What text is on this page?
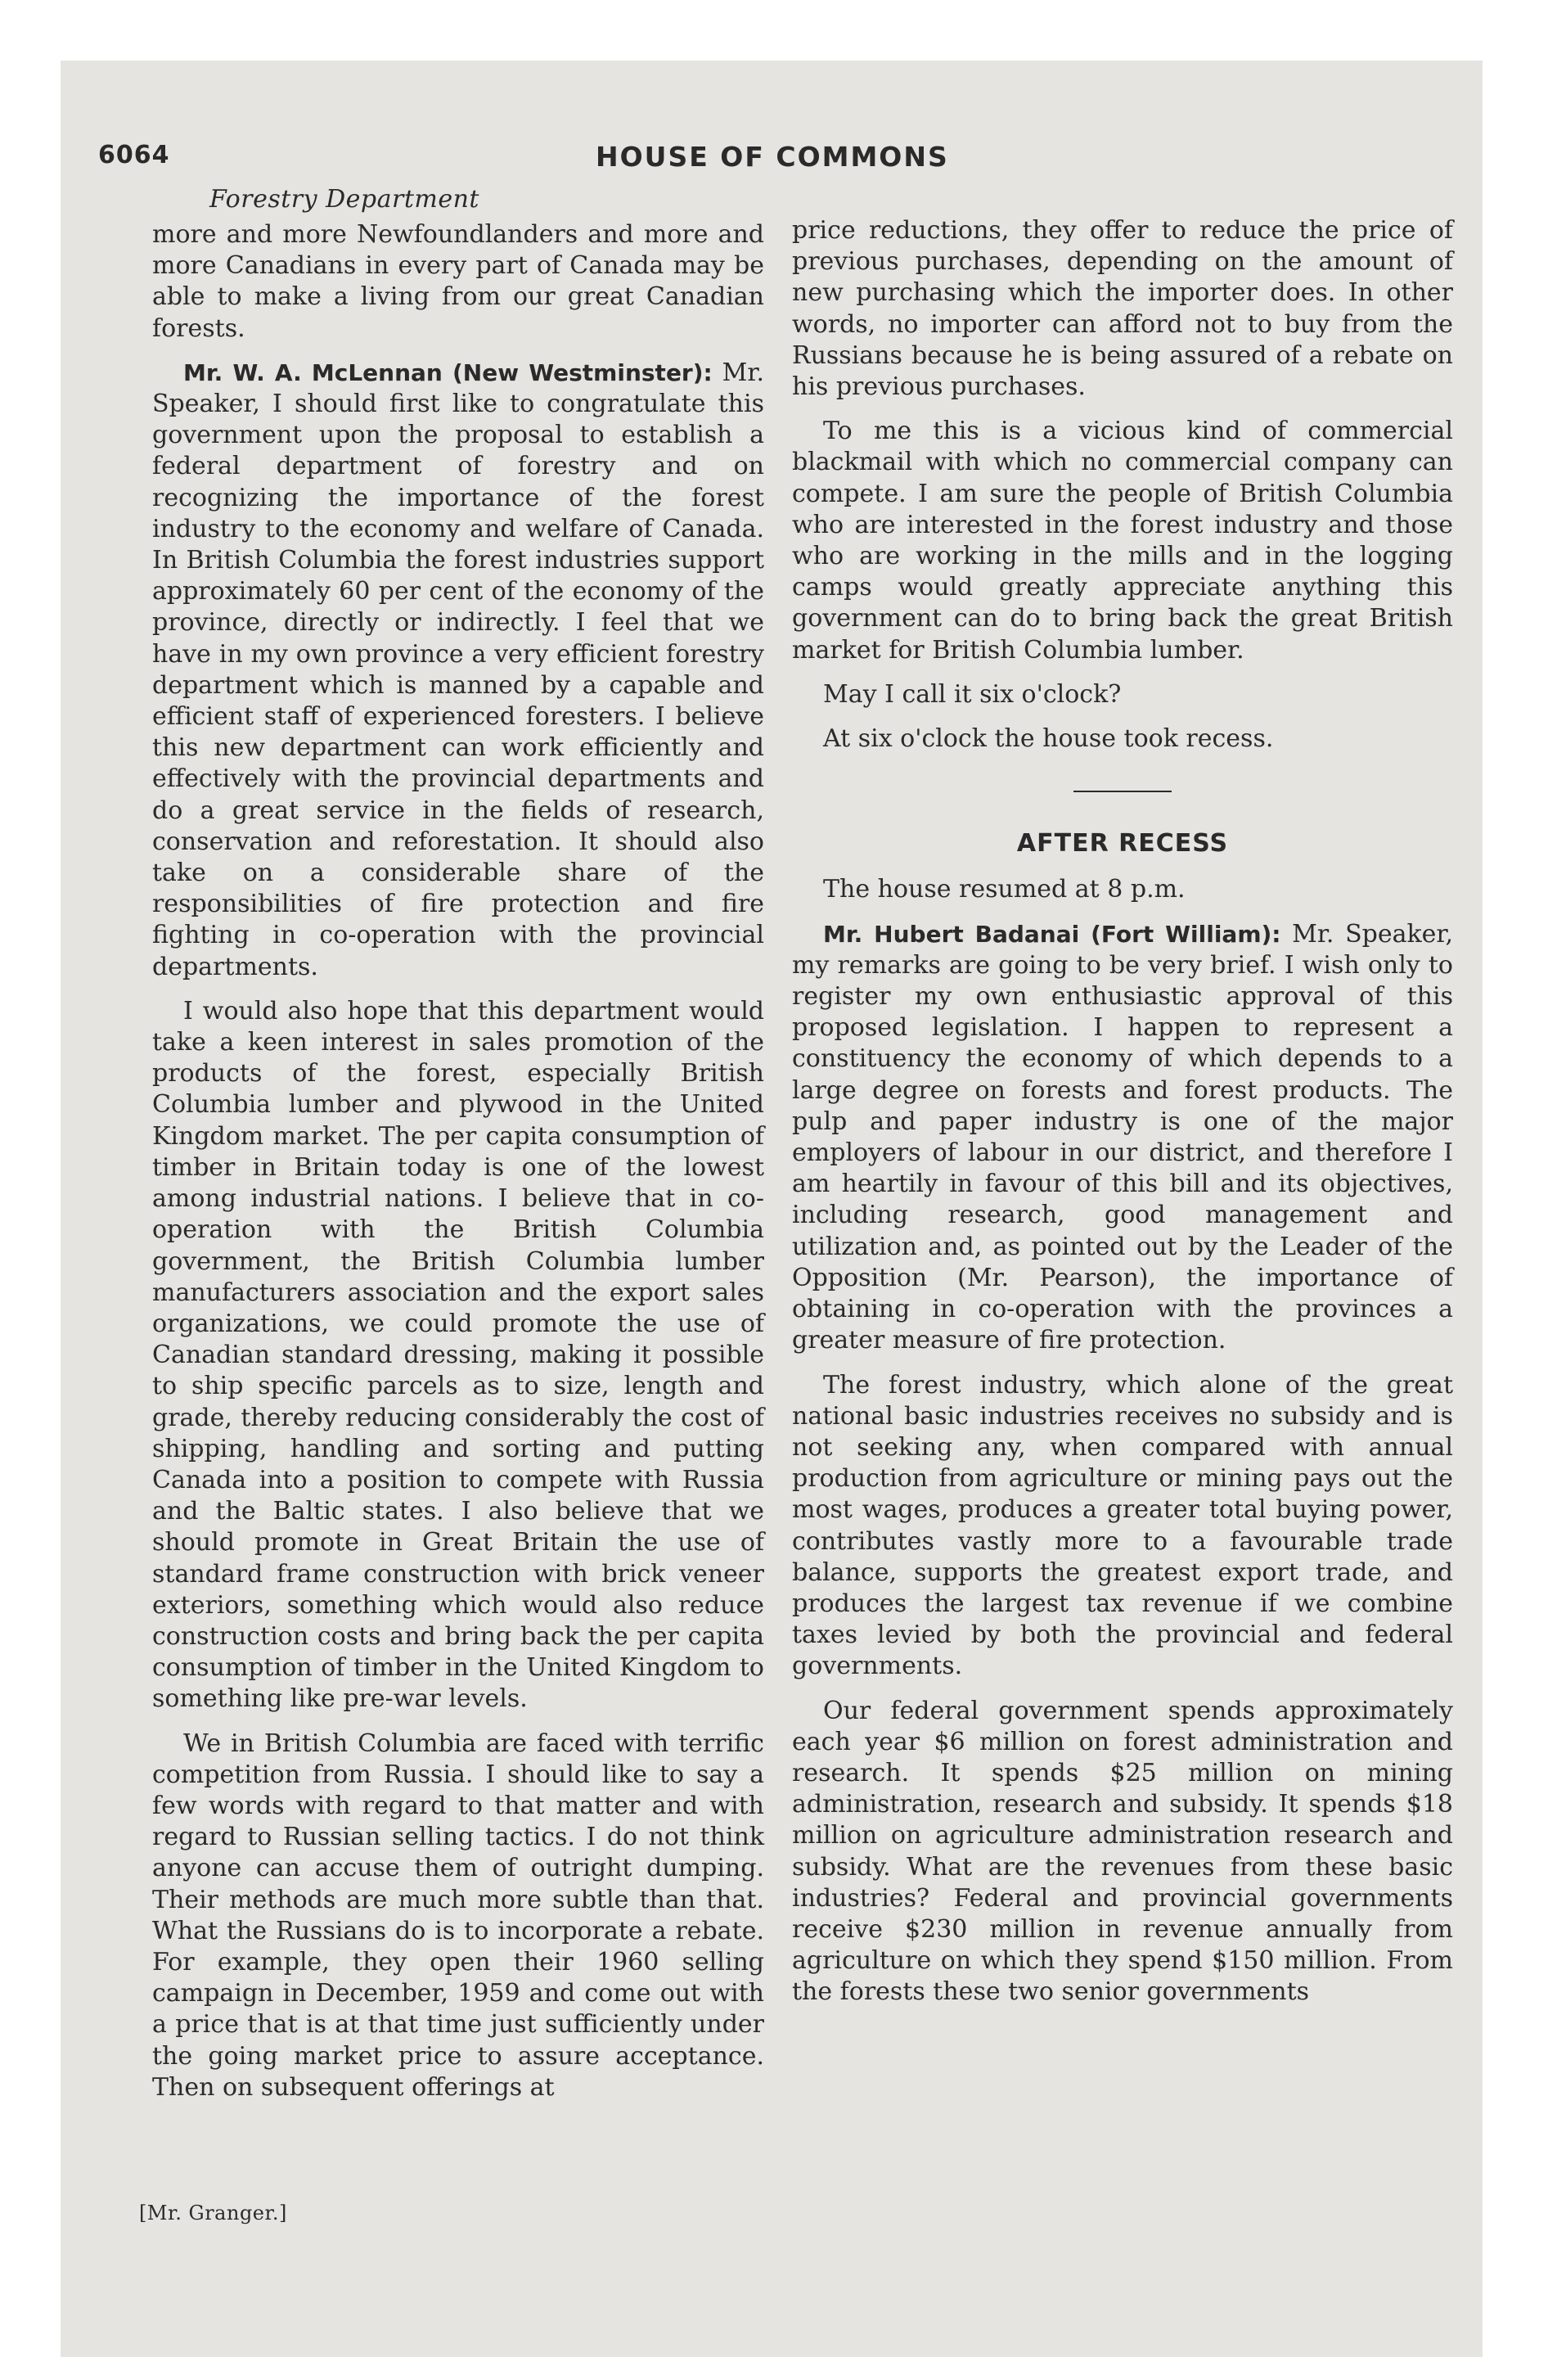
6064	HOUSE OF COMMONS
Forestry Department

more and more Newfoundlanders and more and more Canadians in every part of Canada may be able to make a living from our great Canadian forests.

Mr. W. A. McLennan (New Westminster): Mr. Speaker, I should first like to congratulate this government upon the proposal to establish a federal department of forestry and on recognizing the importance of the forest industry to the economy and welfare of Canada. In British Columbia the forest industries support approximately 60 per cent of the economy of the province, directly or indirectly. I feel that we have in my own province a very efficient forestry department which is manned by a capable and efficient staff of experienced foresters. I believe this new department can work efficiently and effectively with the provincial departments and do a great service in the fields of research, conservation and reforestation. It should also take on a considerable share of the responsibilities of fire protection and fire fighting in co-operation with the provincial departments.

I would also hope that this department would take a keen interest in sales promotion of the products of the forest, especially British Columbia lumber and plywood in the United Kingdom market. The per capita consumption of timber in Britain today is one of the lowest among industrial nations. I believe that in co-operation with the British Columbia government, the British Columbia lumber manufacturers association and the export sales organizations, we could promote the use of Canadian standard dressing, making it possible to ship specific parcels as to size, length and grade, thereby reducing considerably the cost of shipping, handling and sorting and putting Canada into a position to compete with Russia and the Baltic states. I also believe that we should promote in Great Britain the use of standard frame construction with brick veneer exteriors, something which would also reduce construction costs and bring back the per capita consumption of timber in the United Kingdom to something like pre-war levels.

We in British Columbia are faced with terrific competition from Russia. I should like to say a few words with regard to that matter and with regard to Russian selling tactics. I do not think anyone can accuse them of outright dumping. Their methods are much more subtle than that. What the Russians do is to incorporate a rebate. For example, they open their 1960 selling campaign in December, 1959 and come out with a price that is at that time just sufficiently under the going market price to assure acceptance. Then on subsequent offerings at

price reductions, they offer to reduce the price of previous purchases, depending on the amount of new purchasing which the importer does. In other words, no importer can afford not to buy from the Russians because he is being assured of a rebate on his previous purchases.

To me this is a vicious kind of commercial blackmail with which no commercial company can compete. I am sure the people of British Columbia who are interested in the forest industry and those who are working in the mills and in the logging camps would greatly appreciate anything this government can do to bring back the great British market for British Columbia lumber.

May I call it six o'clock?

At six o'clock the house took recess.

AFTER RECESS

The house resumed at 8 p.m.

Mr. Hubert Badanai (Fort William): Mr. Speaker, my remarks are going to be very brief. I wish only to register my own enthusiastic approval of this proposed legislation. I happen to represent a constituency the economy of which depends to a large degree on forests and forest products. The pulp and paper industry is one of the major employers of labour in our district, and therefore I am heartily in favour of this bill and its objectives, including research, good management and utilization and, as pointed out by the Leader of the Opposition (Mr. Pearson), the importance of obtaining in co-operation with the provinces a greater measure of fire protection.

The forest industry, which alone of the great national basic industries receives no subsidy and is not seeking any, when compared with annual production from agriculture or mining pays out the most wages, produces a greater total buying power, contributes vastly more to a favourable trade balance, supports the greatest export trade, and produces the largest tax revenue if we combine taxes levied by both the provincial and federal governments.

Our federal government spends approximately each year $6 million on forest administration and research. It spends $25 million on mining administration, research and subsidy. It spends $18 million on agriculture administration research and subsidy. What are the revenues from these basic industries? Federal and provincial governments receive $230 million in revenue annually from agriculture on which they spend $150 million. From the forests these two senior governments

[Mr. Granger.]
